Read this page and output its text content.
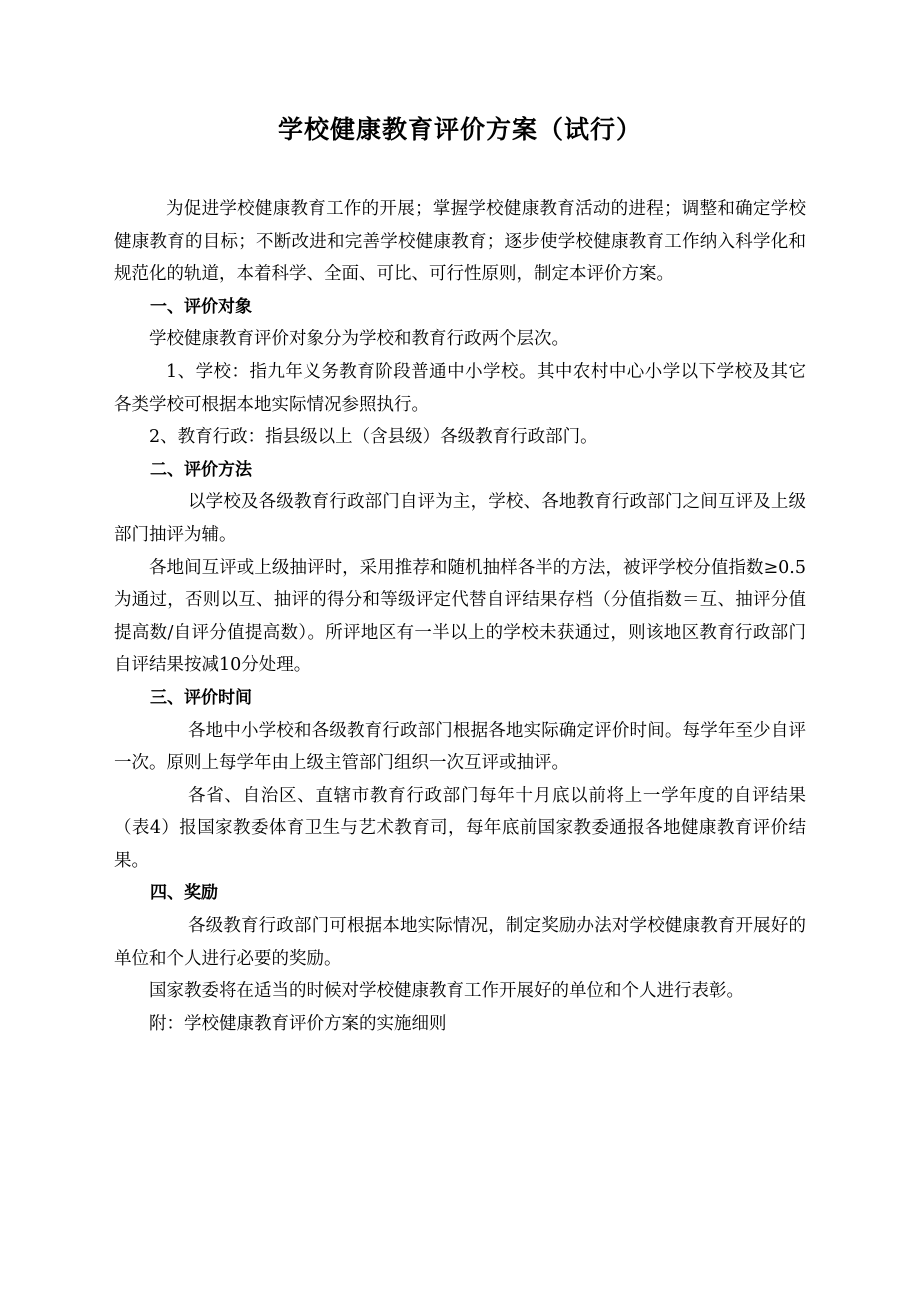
学校健康教育评价方案（试行）

为促进学校健康教育工作的开展；掌握学校健康教育活动的进程；调整和确定学校健康教育的目标；不断改进和完善学校健康教育；逐步使学校健康教育工作纳入科学化和规范化的轨道，本着科学、全面、可比、可行性原则，制定本评价方案。

一、评价对象

学校健康教育评价对象分为学校和教育行政两个层次。

1、学校：指九年义务教育阶段普通中小学校。其中农村中心小学以下学校及其它各类学校可根据本地实际情况参照执行。

2、教育行政：指县级以上（含县级）各级教育行政部门。

二、评价方法

以学校及各级教育行政部门自评为主，学校、各地教育行政部门之间互评及上级部门抽评为辅。

各地间互评或上级抽评时，采用推荐和随机抽样各半的方法，被评学校分值指数≥0.5为通过，否则以互、抽评的得分和等级评定代替自评结果存档（分值指数＝互、抽评分值提高数/自评分值提高数）。所评地区有一半以上的学校未获通过，则该地区教育行政部门自评结果按减10分处理。

三、评价时间

各地中小学校和各级教育行政部门根据各地实际确定评价时间。每学年至少自评一次。原则上每学年由上级主管部门组织一次互评或抽评。

各省、自治区、直辖市教育行政部门每年十月底以前将上一学年度的自评结果（表4）报国家教委体育卫生与艺术教育司，每年底前国家教委通报各地健康教育评价结果。

四、奖励

各级教育行政部门可根据本地实际情况，制定奖励办法对学校健康教育开展好的单位和个人进行必要的奖励。

国家教委将在适当的时候对学校健康教育工作开展好的单位和个人进行表彰。

附：学校健康教育评价方案的实施细则
